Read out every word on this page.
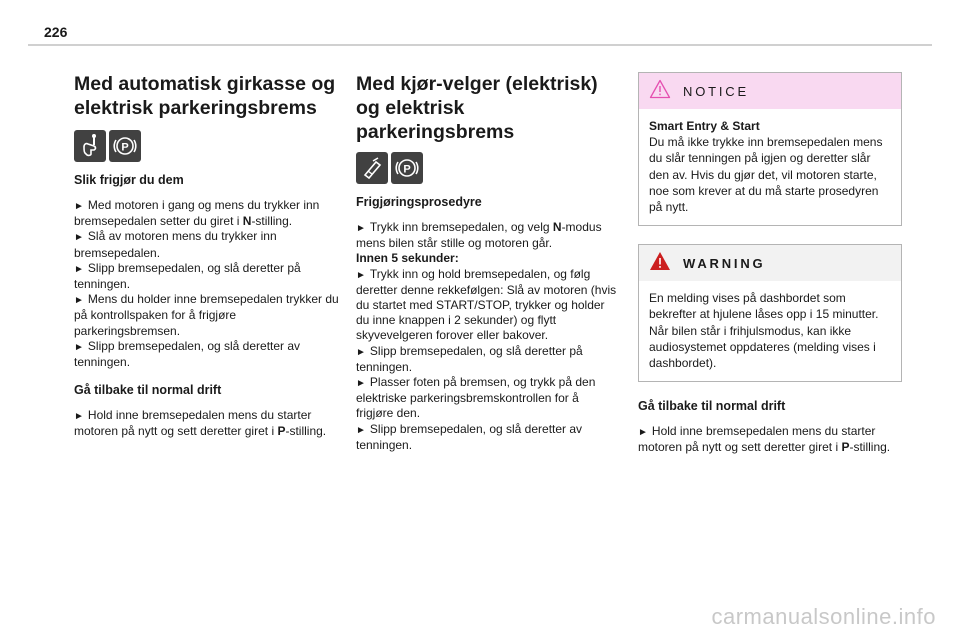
226
Med automatisk girkasse og elektrisk parkeringsbrems
P
Slik frigjør du dem

► Med motoren i gang og mens du trykker inn bremsepedalen setter du giret i N-stilling.

► Slå av motoren mens du trykker inn bremsepedalen.

► Slipp bremsepedalen, og slå deretter på tenningen.

► Mens du holder inne bremsepedalen trykker du på kontrollspaken for å frigjøre parkeringsbremsen.

► Slipp bremsepedalen, og slå deretter av tenningen.

Gå tilbake til normal drift

► Hold inne bremsepedalen mens du starter motoren på nytt og sett deretter giret i P-stilling.

Med kjør-velger (elektrisk) og elektrisk parkeringsbrems
P
Frigjøringsprosedyre

► Trykk inn bremsepedalen, og velg N-modus mens bilen står stille og motoren går.

Innen 5 sekunder:

► Trykk inn og hold bremsepedalen, og følg deretter denne rekkefølgen: Slå av motoren (hvis du startet med START/STOP, trykker og holder du inne knappen i 2 sekunder) og flytt skyvevelgeren forover eller bakover.

► Slipp bremsepedalen, og slå deretter på tenningen.

► Plasser foten på bremsen, og trykk på den elektriske parkeringsbremskontrollen for å frigjøre den.

► Slipp bremsepedalen, og slå deretter av tenningen.

NOTICE
Smart Entry & Start
Du må ikke trykke inn bremsepedalen mens du slår tenningen på igjen og deretter slår den av. Hvis du gjør det, vil motoren starte, noe som krever at du må starte prosedyren på nytt.
WARNING
En melding vises på dashbordet som bekrefter at hjulene låses opp i 15 minutter. Når bilen står i frihjulsmodus, kan ikke audiosystemet oppdateres (melding vises i dashbordet).
Gå tilbake til normal drift

► Hold inne bremsepedalen mens du starter motoren på nytt og sett deretter giret i P-stilling.

carmanualsonline.info
